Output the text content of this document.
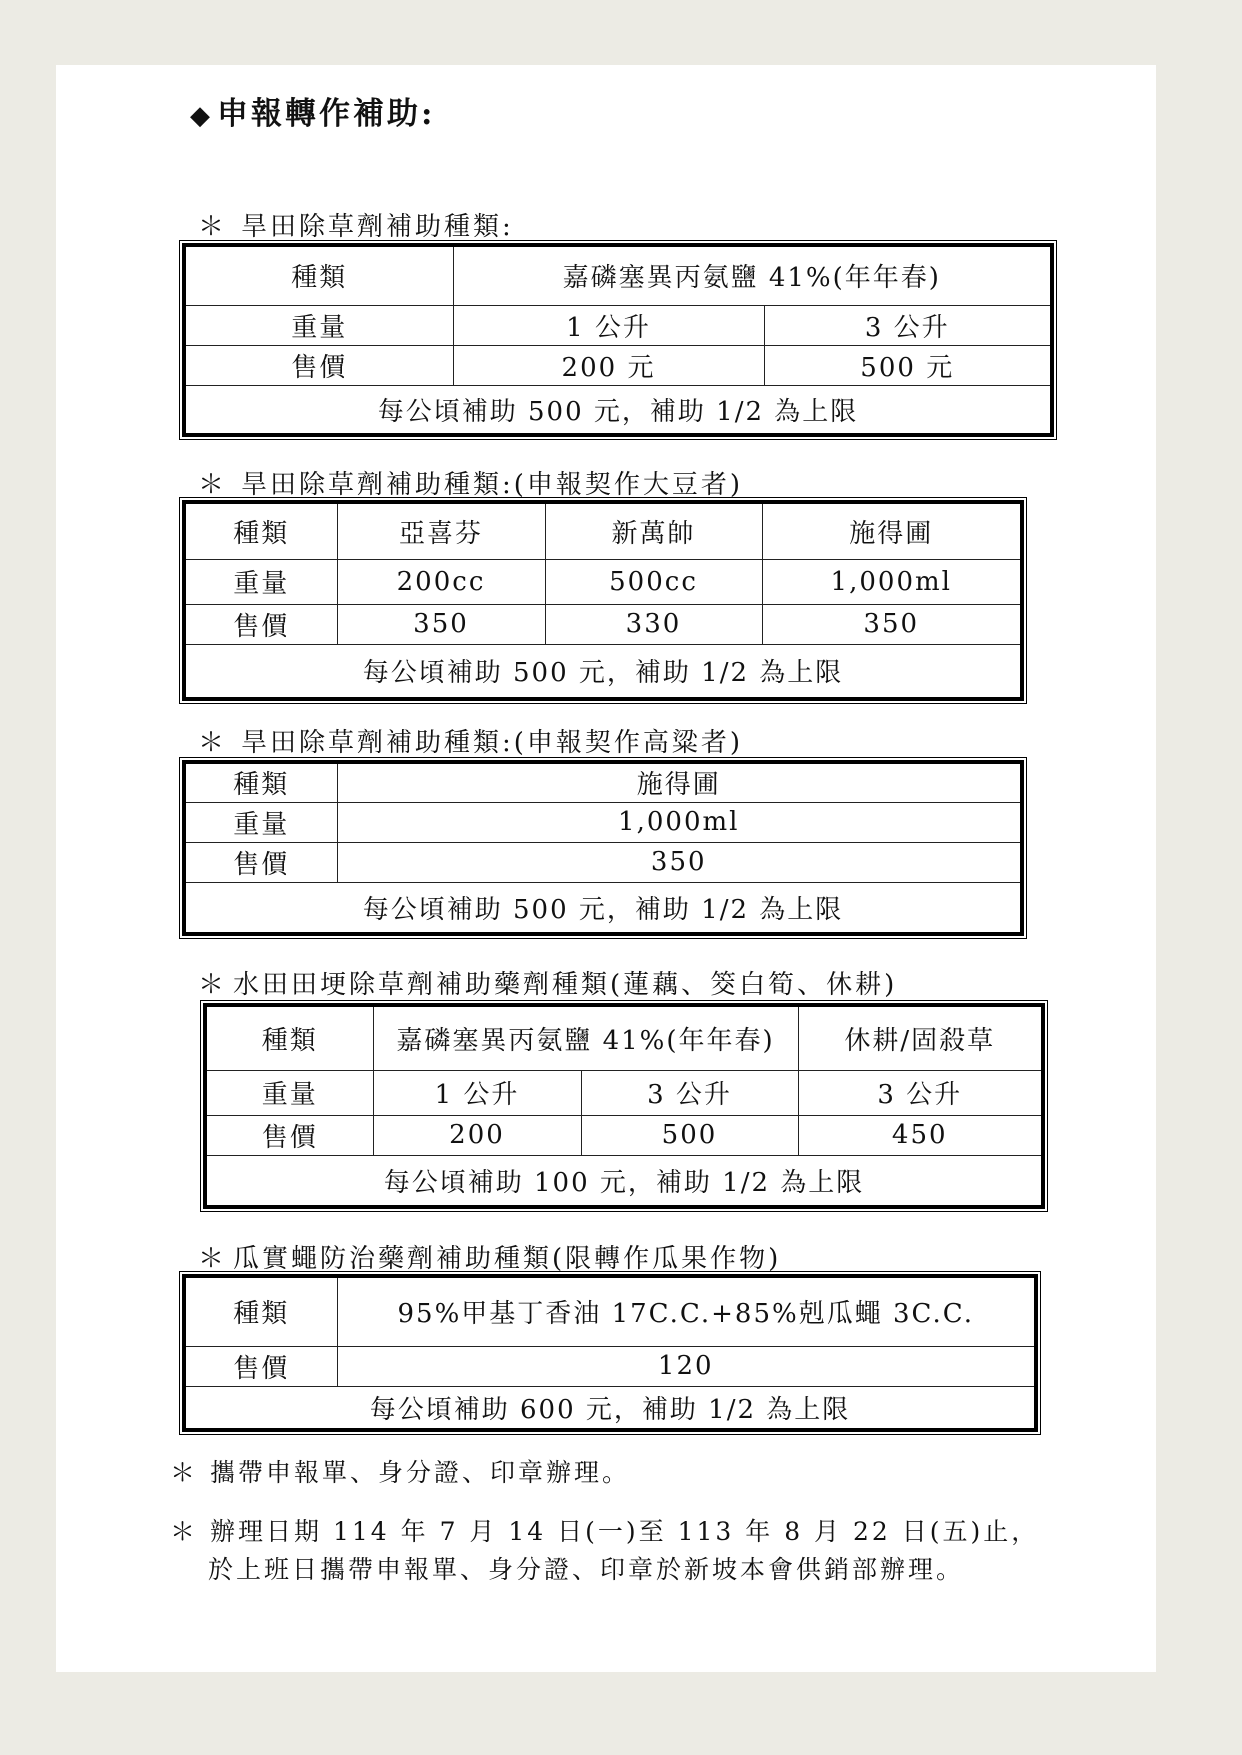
◆ 申報轉作補助:
＊ 旱田除草劑補助種類:
種類	嘉磷塞異丙氨鹽 41%(年年春)	
重量	1 公升	3 公升
售價	200 元	500 元
每公頃補助 500 元，補助 1/2 為上限		
＊ 旱田除草劑補助種類:(申報契作大豆者)
種類	亞喜芬	新萬帥	施得圃
重量	200cc	500cc	1,000ml
售價	350	330	350
每公頃補助 500 元，補助 1/2 為上限			
＊ 旱田除草劑補助種類:(申報契作高粱者)
種類	施得圃
重量	1,000ml
售價	350
每公頃補助 500 元，補助 1/2 為上限	
＊ 水田田埂除草劑補助藥劑種類(蓮藕、筊白筍、休耕)
種類	嘉磷塞異丙氨鹽 41%(年年春)		休耕/固殺草
重量	1 公升	3 公升	3 公升
售價	200	500	450
每公頃補助 100 元，補助 1/2 為上限			
＊ 瓜實蠅防治藥劑補助種類(限轉作瓜果作物)
種類	95%甲基丁香油 17C.C.+85%剋瓜蠅 3C.C.
售價	120
每公頃補助 600 元，補助 1/2 為上限	
＊ 攜帶申報單、身分證、印章辦理。
＊ 辦理日期 114 年 7 月 14 日(一)至 113 年 8 月 22 日(五)止，
於上班日攜帶申報單、身分證、印章於新坡本會供銷部辦理。
